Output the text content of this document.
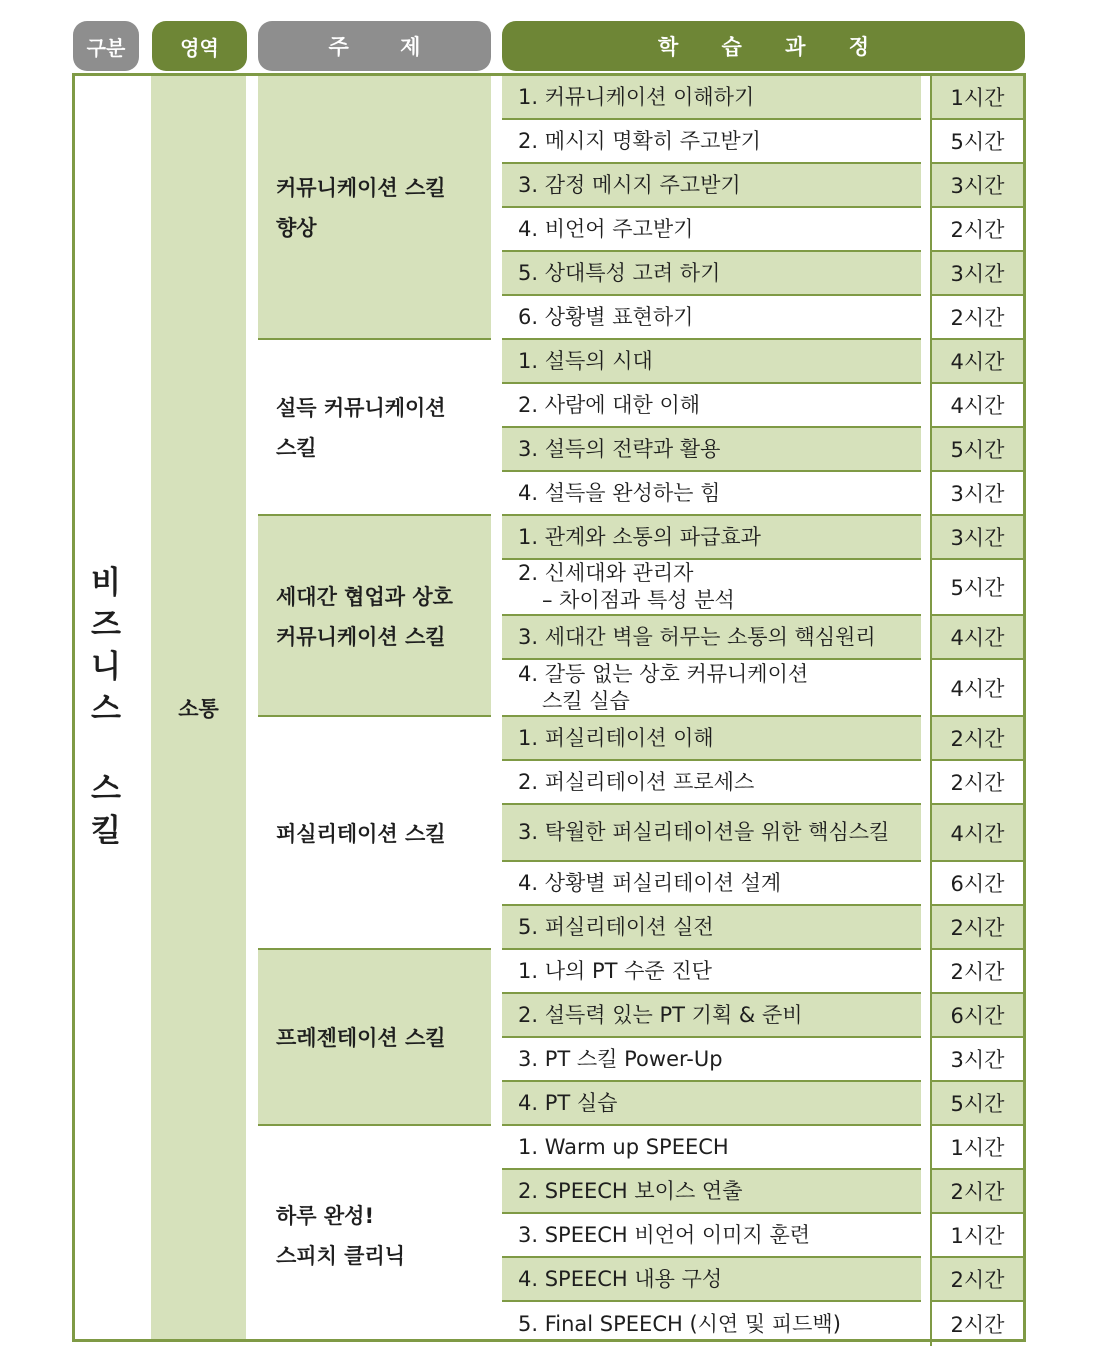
구분	영역	주 제	학 습 과 정
비
즈
니
스
스
킬
소통
커뮤니케이션 스킬
향상
1. 커뮤니케이션 이해하기	1시간
2. 메시지 명확히 주고받기	5시간
3. 감정 메시지 주고받기	3시간
4. 비언어 주고받기	2시간
5. 상대특성 고려 하기	3시간
6. 상황별 표현하기	2시간
설득 커뮤니케이션
스킬
1. 설득의 시대	4시간
2. 사람에 대한 이해	4시간
3. 설득의 전략과 활용	5시간
4. 설득을 완성하는 힘	3시간
세대간 협업과 상호
커뮤니케이션 스킬
1. 관계와 소통의 파급효과	3시간
2. 신세대와 관리자
– 차이점과 특성 분석	5시간
3. 세대간 벽을 허무는 소통의 핵심원리	4시간
4. 갈등 없는 상호 커뮤니케이션
스킬 실습	4시간
퍼실리테이션 스킬
1. 퍼실리테이션 이해	2시간
2. 퍼실리테이션 프로세스	2시간
3. 탁월한 퍼실리테이션을 위한 핵심스킬	4시간
4. 상황별 퍼실리테이션 설계	6시간
5. 퍼실리테이션 실전	2시간
프레젠테이션 스킬
1. 나의 PT 수준 진단	2시간
2. 설득력 있는 PT 기획 & 준비	6시간
3. PT 스킬 Power-Up	3시간
4. PT 실습	5시간
하루 완성!
스피치 클리닉
1. Warm up SPEECH	1시간
2. SPEECH 보이스 연출	2시간
3. SPEECH 비언어 이미지 훈련	1시간
4. SPEECH 내용 구성	2시간
5. Final SPEECH (시연 및 피드백)	2시간
